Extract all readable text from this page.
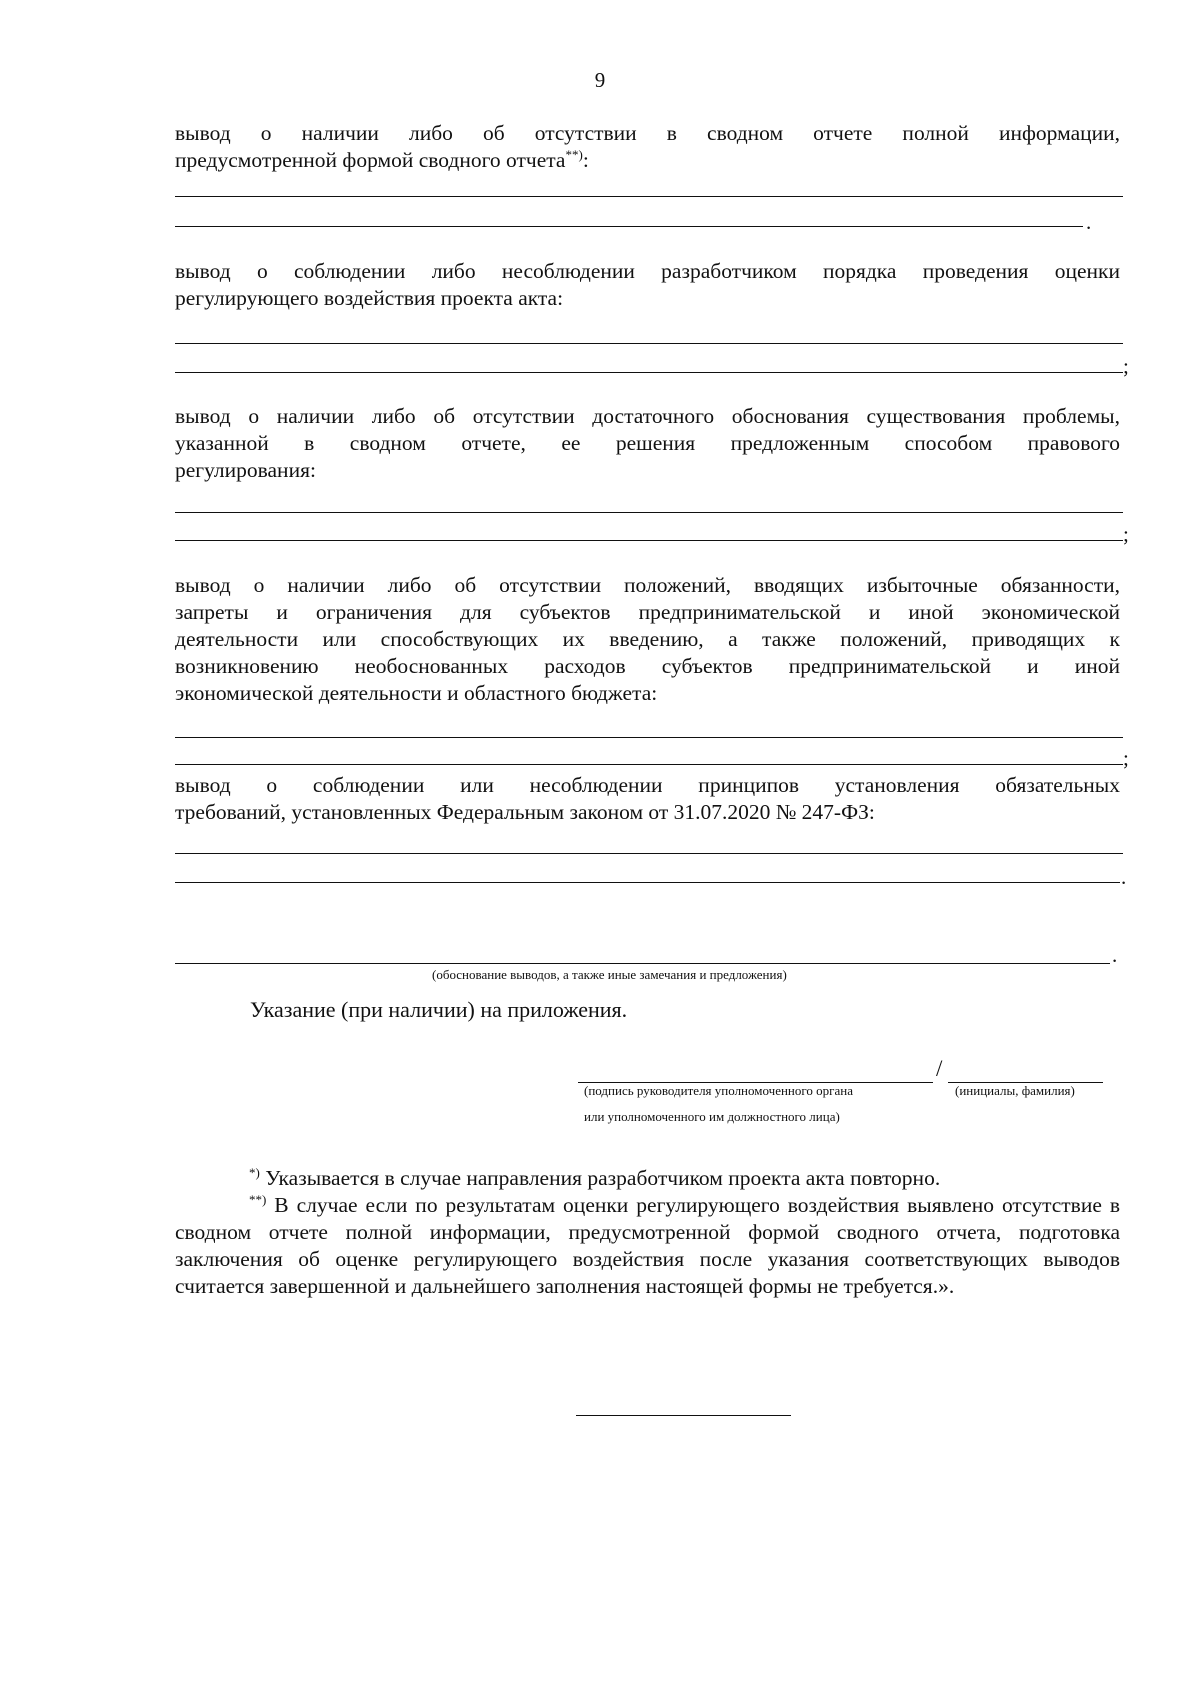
9
вывод о наличии либо об отсутствии в сводном отчете полной информации,
предусмотренной формой сводного отчета**):
.
вывод о соблюдении либо несоблюдении разработчиком порядка проведения оценки
регулирующего воздействия проекта акта:
;
вывод о наличии либо об отсутствии достаточного обоснования существования проблемы,
указанной в сводном отчете, ее решения предложенным способом правового
регулирования:
;
вывод о наличии либо об отсутствии положений, вводящих избыточные обязанности,
запреты и ограничения для субъектов предпринимательской и иной экономической
деятельности или способствующих их введению, а также положений, приводящих к
возникновению необоснованных расходов субъектов предпринимательской и иной
экономической деятельности и областного бюджета:
;
вывод о соблюдении или несоблюдении принципов установления обязательных
требований, установленных Федеральным законом от 31.07.2020 № 247-ФЗ:
.
.
(обоснование выводов, а также иные замечания и предложения)
Указание (при наличии) на приложения.
/
(подпись руководителя уполномоченного органа	(инициалы, фамилия)
или уполномоченного им должностного лица)
*) Указывается в случае направления разработчиком проекта акта повторно.
**) В случае если по результатам оценки регулирующего воздействия выявлено отсутствие в сводном отчете полной информации, предусмотренной формой сводного отчета, подготовка заключения об оценке регулирующего воздействия после указания соответствующих выводов считается завершенной и дальнейшего заполнения настоящей формы не требуется.».
